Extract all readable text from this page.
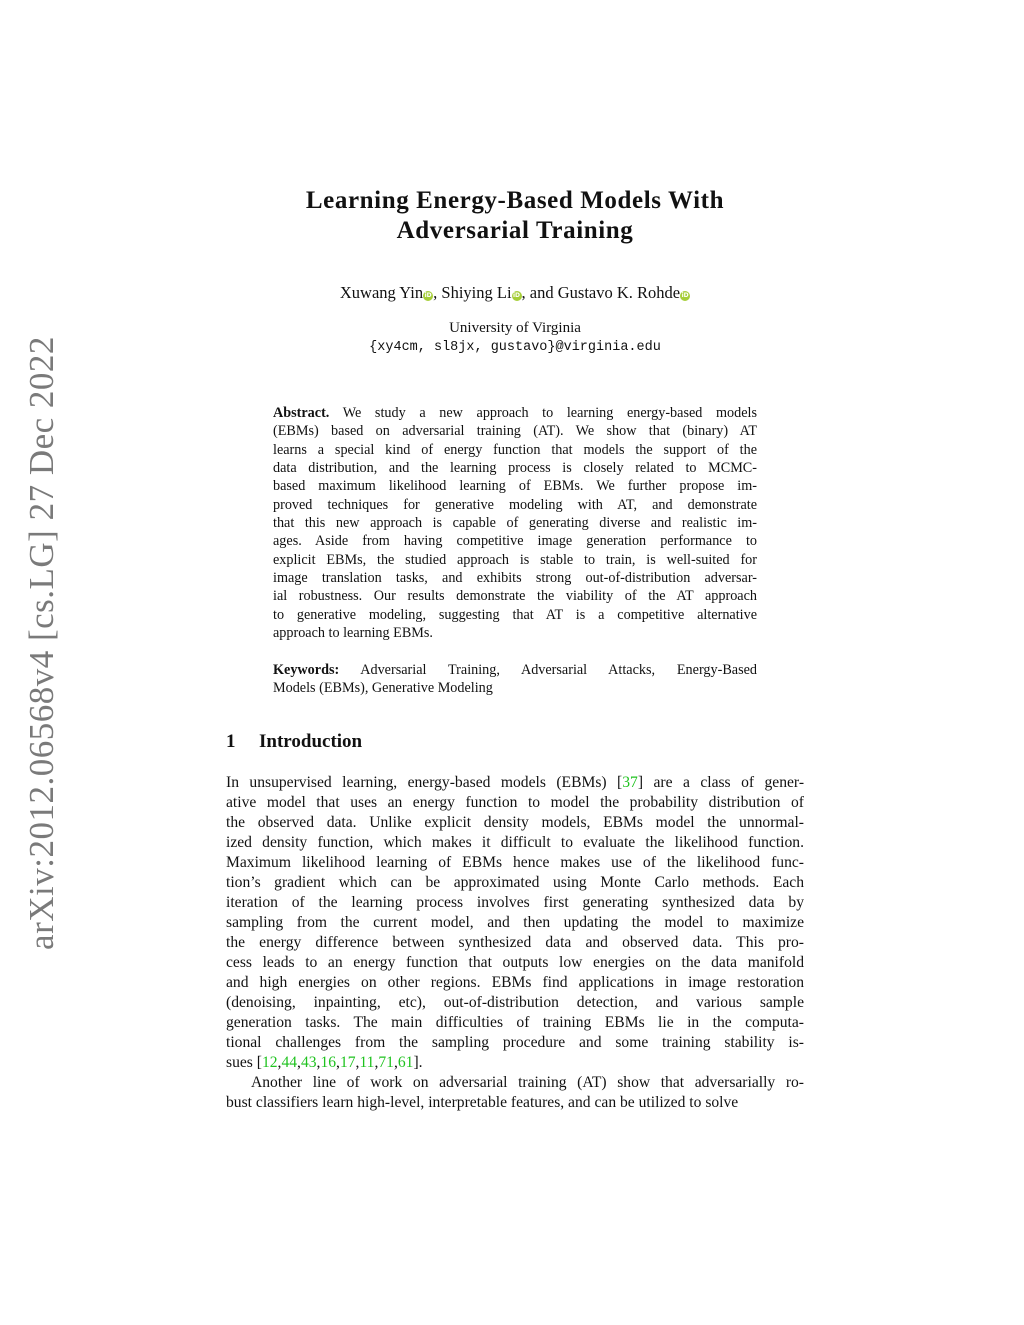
arXiv:2012.06568v4 [cs.LG] 27 Dec 2022
Learning Energy-Based Models With
Adversarial Training
Xuwang YiniD, Shiying LiiD, and Gustavo K. RohdeiD
University of Virginia
{xy4cm, sl8jx, gustavo}@virginia.edu
Abstract. We study a new approach to learning energy-based models
(EBMs) based on adversarial training (AT). We show that (binary) AT
learns a special kind of energy function that models the support of the
data distribution, and the learning process is closely related to MCMC-
based maximum likelihood learning of EBMs. We further propose im-
proved techniques for generative modeling with AT, and demonstrate
that this new approach is capable of generating diverse and realistic im-
ages. Aside from having competitive image generation performance to
explicit EBMs, the studied approach is stable to train, is well-suited for
image translation tasks, and exhibits strong out-of-distribution adversar-
ial robustness. Our results demonstrate the viability of the AT approach
to generative modeling, suggesting that AT is a competitive alternative
approach to learning EBMs.
Keywords: Adversarial Training, Adversarial Attacks, Energy-Based
Models (EBMs), Generative Modeling
1 Introduction
In unsupervised learning, energy-based models (EBMs) [37] are a class of gener-
ative model that uses an energy function to model the probability distribution of
the observed data. Unlike explicit density models, EBMs model the unnormal-
ized density function, which makes it difficult to evaluate the likelihood function.
Maximum likelihood learning of EBMs hence makes use of the likelihood func-
tion’s gradient which can be approximated using Monte Carlo methods. Each
iteration of the learning process involves first generating synthesized data by
sampling from the current model, and then updating the model to maximize
the energy difference between synthesized data and observed data. This pro-
cess leads to an energy function that outputs low energies on the data manifold
and high energies on other regions. EBMs find applications in image restoration
(denoising, inpainting, etc), out-of-distribution detection, and various sample
generation tasks. The main difficulties of training EBMs lie in the computa-
tional challenges from the sampling procedure and some training stability is-
sues [12,44,43,16,17,11,71,61].
Another line of work on adversarial training (AT) show that adversarially ro-
bust classifiers learn high-level, interpretable features, and can be utilized to solve
